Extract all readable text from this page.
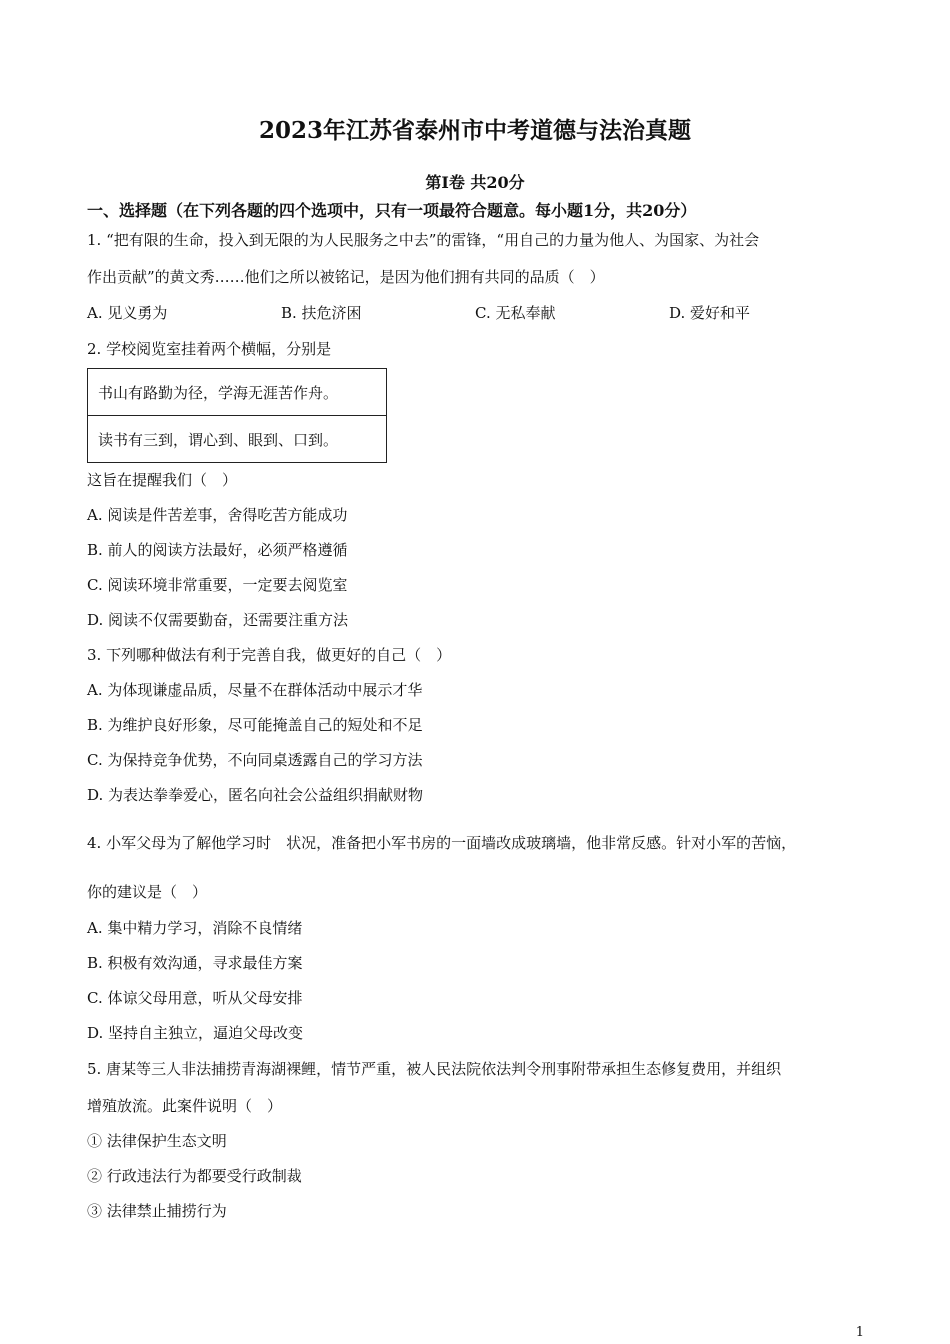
2023年江苏省泰州市中考道德与法治真题
第Ⅰ卷 共20分
一、选择题（在下列各题的四个选项中，只有一项最符合题意。每小题1分，共20分）
1. “把有限的生命，投入到无限的为人民服务之中去”的雷锋，“用自己的力量为他人、为国家、为社会
作出贡献”的黄文秀……他们之所以被铭记，是因为他们拥有共同的品质（　）
A. 见义勇为	B. 扶危济困	C. 无私奉献	D. 爱好和平
2. 学校阅览室挂着两个横幅，分别是
书山有路勤为径，学海无涯苦作舟。
读书有三到，谓心到、眼到、口到。
这旨在提醒我们（　）
A. 阅读是件苦差事，舍得吃苦方能成功
B. 前人的阅读方法最好，必须严格遵循
C. 阅读环境非常重要，一定要去阅览室
D. 阅读不仅需要勤奋，还需要注重方法
3. 下列哪种做法有利于完善自我，做更好的自己（　）
A. 为体现谦虚品质，尽量不在群体活动中展示才华
B. 为维护良好形象，尽可能掩盖自己的短处和不足
C. 为保持竞争优势，不向同桌透露自己的学习方法
D. 为表达拳拳爱心，匿名向社会公益组织捐献财物
4. 小军父母为了解他学习时　状况，准备把小军书房的一面墙改成玻璃墙，他非常反感。针对小军的苦恼，
你的建议是（　）
A. 集中精力学习，消除不良情绪
B. 积极有效沟通，寻求最佳方案
C. 体谅父母用意，听从父母安排
D. 坚持自主独立，逼迫父母改变
5. 唐某等三人非法捕捞青海湖裸鲤，情节严重，被人民法院依法判令刑事附带承担生态修复费用，并组织
增殖放流。此案件说明（　）
① 法律保护生态文明
② 行政违法行为都要受行政制裁
③ 法律禁止捕捞行为
1
